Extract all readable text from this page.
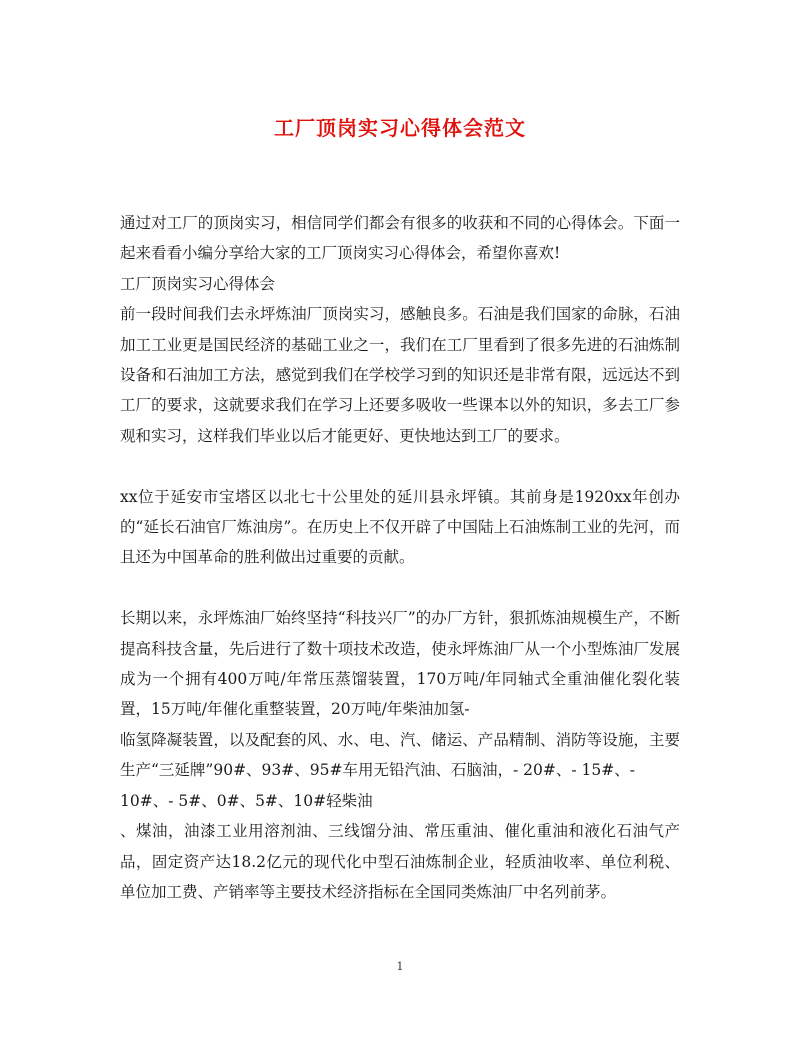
工厂顶岗实习心得体会范文

通过对工厂的顶岗实习，相信同学们都会有很多的收获和不同的心得体会。下面一起来看看小编分享给大家的工厂顶岗实习心得体会，希望你喜欢!

工厂顶岗实习心得体会

前一段时间我们去永坪炼油厂顶岗实习，感触良多。石油是我们国家的命脉，石油加工工业更是国民经济的基础工业之一，我们在工厂里看到了很多先进的石油炼制设备和石油加工方法，感觉到我们在学校学习到的知识还是非常有限，远远达不到工厂的要求，这就要求我们在学习上还要多吸收一些课本以外的知识，多去工厂参观和实习，这样我们毕业以后才能更好、更快地达到工厂的要求。

xx位于延安市宝塔区以北七十公里处的延川县永坪镇。其前身是1920xx年创办的“延长石油官厂炼油房”。在历史上不仅开辟了中国陆上石油炼制工业的先河，而且还为中国革命的胜利做出过重要的贡献。

长期以来，永坪炼油厂始终坚持“科技兴厂”的办厂方针，狠抓炼油规模生产，不断提高科技含量，先后进行了数十项技术改造，使永坪炼油厂从一个小型炼油厂发展成为一个拥有400万吨/年常压蒸馏装置，170万吨/年同轴式全重油催化裂化装置，15万吨/年催化重整装置，20万吨/年柴油加氢-

临氢降凝装置，以及配套的风、水、电、汽、储运、产品精制、消防等设施，主要生产“三延牌”90#、93#、95#车用无铅汽油、石脑油，- 20#、- 15#、-

10#、- 5#、0#、5#、10#轻柴油

、煤油，油漆工业用溶剂油、三线馏分油、常压重油、催化重油和液化石油气产品，固定资产达18.2亿元的现代化中型石油炼制企业，轻质油收率、单位利税、单位加工费、产销率等主要技术经济指标在全国同类炼油厂中名列前茅。

1
